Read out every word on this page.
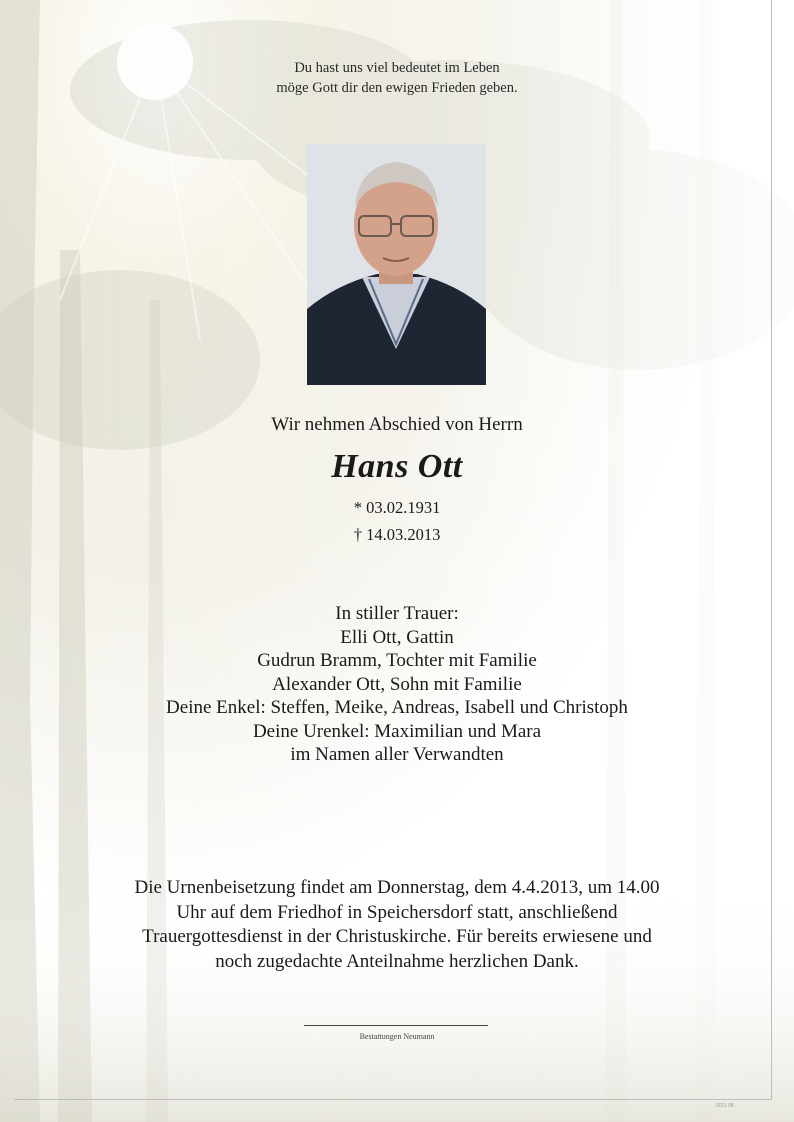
Du hast uns viel bedeutet im Leben
möge Gott dir den ewigen Frieden geben.
Wir nehmen Abschied von Herrn
Hans Ott
* 03.02.1931
† 14.03.2013
In stiller Trauer:
Elli Ott, Gattin
Gudrun Bramm, Tochter mit Familie
Alexander Ott, Sohn mit Familie
Deine Enkel: Steffen, Meike, Andreas, Isabell und Christoph
Deine Urenkel: Maximilian und Mara
im Namen aller Verwandten
Die Urnenbeisetzung findet am Donnerstag, dem 4.4.2013, um 14.00
Uhr auf dem Friedhof in Speichersdorf statt, anschließend
Trauergottesdienst in der Christuskirche. Für bereits erwiesene und
noch zugedachte Anteilnahme herzlichen Dank.
Bestattungen Neumann
0011 08
